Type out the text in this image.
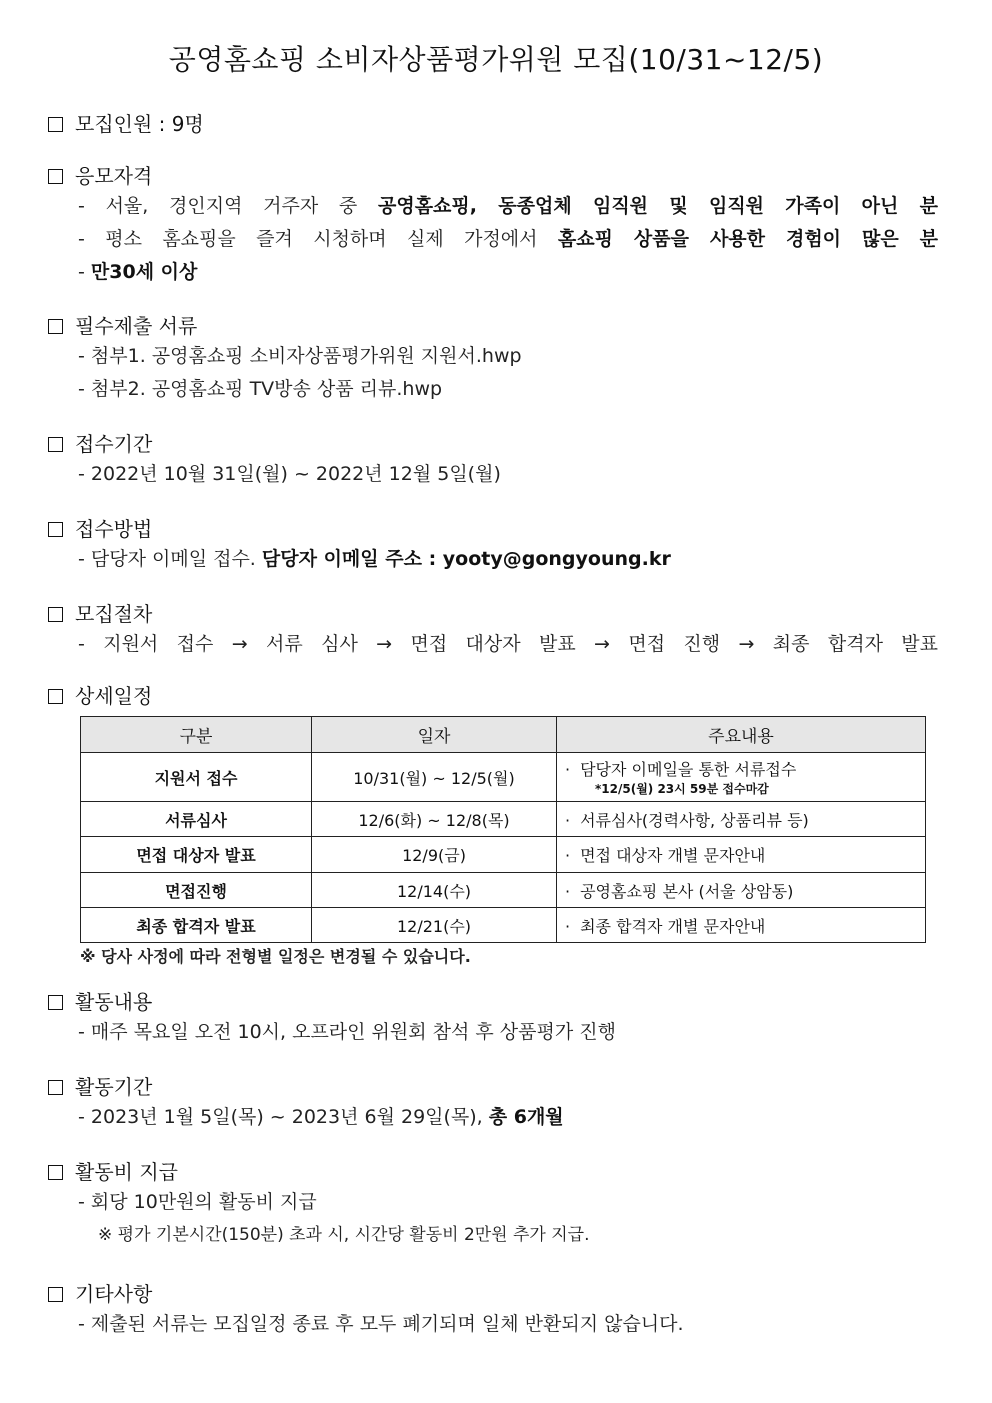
공영홈쇼핑 소비자상품평가위원 모집(10/31~12/5)
모집인원 : 9명
응모자격
- 서울, 경인지역 거주자 중 공영홈쇼핑, 동종업체 임직원 및 임직원 가족이 아닌 분
- 평소 홈쇼핑을 즐겨 시청하며 실제 가정에서 홈쇼핑 상품을 사용한 경험이 많은 분
- 만30세 이상
필수제출 서류
- 첨부1. 공영홈쇼핑 소비자상품평가위원 지원서.hwp
- 첨부2. 공영홈쇼핑 TV방송 상품 리뷰.hwp
접수기간
- 2022년 10월 31일(월) ~ 2022년 12월 5일(월)
접수방법
- 담당자 이메일 접수. 담당자 이메일 주소 : yooty@gongyoung.kr
모집절차
- 지원서 접수 → 서류 심사 → 면접 대상자 발표 → 면접 진행 → 최종 합격자 발표
상세일정
구분	일자	주요내용
지원서 접수	10/31(월) ~ 12/5(월)	· 담당자 이메일을 통한 서류접수
*12/5(월) 23시 59분 접수마감

서류심사	12/6(화) ~ 12/8(목)	· 서류심사(경력사항, 상품리뷰 등)
면접 대상자 발표	12/9(금)	· 면접 대상자 개별 문자안내
면접진행	12/14(수)	· 공영홈쇼핑 본사 (서울 상암동)
최종 합격자 발표	12/21(수)	· 최종 합격자 개별 문자안내
※ 당사 사정에 따라 전형별 일정은 변경될 수 있습니다.
활동내용
- 매주 목요일 오전 10시, 오프라인 위원회 참석 후 상품평가 진행
활동기간
- 2023년 1월 5일(목) ~ 2023년 6월 29일(목), 총 6개월
활동비 지급
- 회당 10만원의 활동비 지급
※ 평가 기본시간(150분) 초과 시, 시간당 활동비 2만원 추가 지급.
기타사항
- 제출된 서류는 모집일정 종료 후 모두 폐기되며 일체 반환되지 않습니다.
